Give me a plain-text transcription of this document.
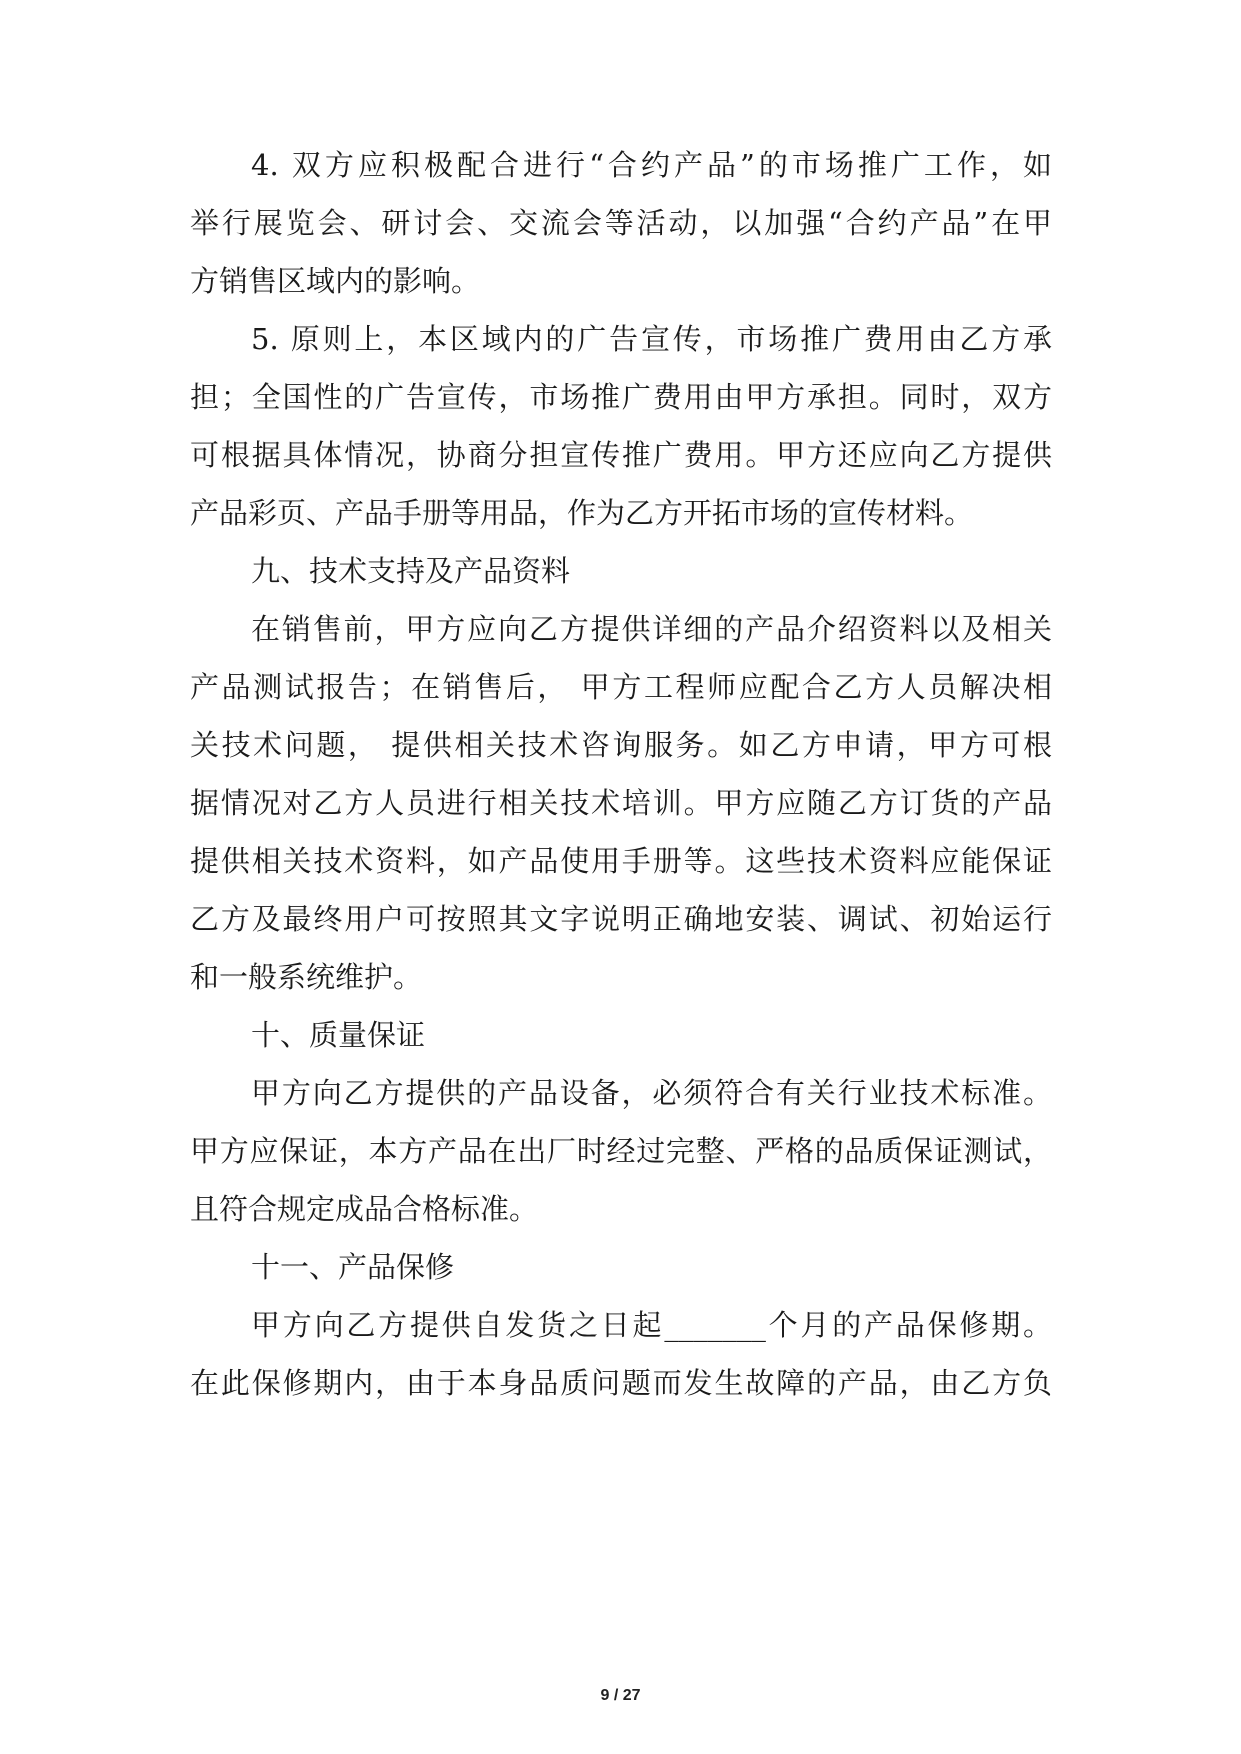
4. 双方应积极配合进行“合约产品”的市场推广工作，如
举行展览会、研讨会、交流会等活动，以加强“合约产品”在甲
方销售区域内的影响。
5. 原则上，本区域内的广告宣传，市场推广费用由乙方承
担；全国性的广告宣传，市场推广费用由甲方承担。同时，双方
可根据具体情况，协商分担宣传推广费用。甲方还应向乙方提供
产品彩页、产品手册等用品，作为乙方开拓市场的宣传材料。
九、技术支持及产品资料
在销售前，甲方应向乙方提供详细的产品介绍资料以及相关
产品测试报告；在销售后， 甲方工程师应配合乙方人员解决相
关技术问题， 提供相关技术咨询服务。如乙方申请，甲方可根
据情况对乙方人员进行相关技术培训。甲方应随乙方订货的产品
提供相关技术资料，如产品使用手册等。这些技术资料应能保证
乙方及最终用户可按照其文字说明正确地安装、调试、初始运行
和一般系统维护。
十、质量保证
甲方向乙方提供的产品设备，必须符合有关行业技术标准。
甲方应保证，本方产品在出厂时经过完整、严格的品质保证测试，
且符合规定成品合格标准。
十一、产品保修
甲方向乙方提供自发货之日起_______个月的产品保修期。
在此保修期内，由于本身品质问题而发生故障的产品，由乙方负
9 / 27
